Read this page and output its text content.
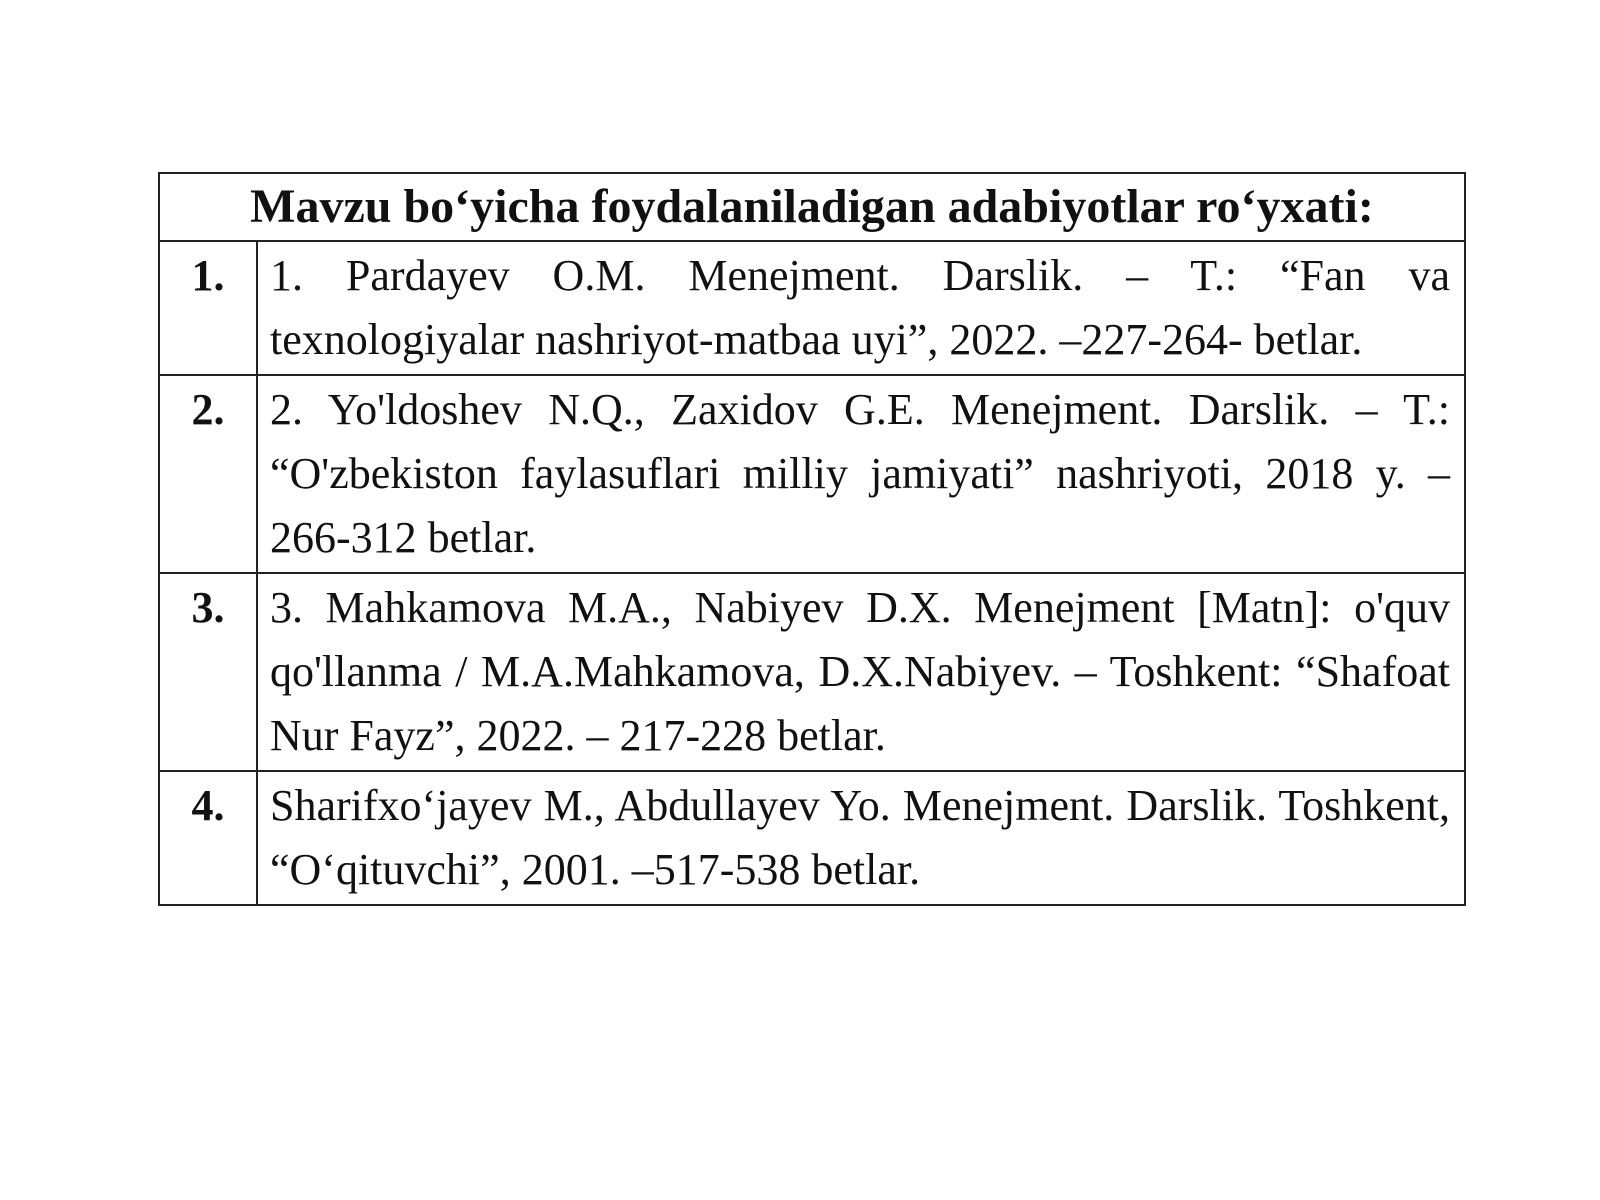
Mavzu bo‘yicha foydalaniladigan adabiyotlar ro‘yxati:	
1.	1. Pardayev O.M. Menejment. Darslik. – T.: “Fan va texnologiyalar nashriyot-matbaa uyi”, 2022. –227-264- betlar.
2.	2. Yo'ldoshev N.Q., Zaxidov G.E. Menejment. Darslik. – T.: “O'zbekiston faylasuflari milliy jamiyati” nashriyoti, 2018 y. – 266-312 betlar.
3.	3. Mahkamova M.A., Nabiyev D.X. Menejment [Matn]: o'quv qo'llanma / M.A.Mahkamova, D.X.Nabiyev. – Toshkent: “Shafoat Nur Fayz”, 2022. – 217-228 betlar.
4.	Sharifxo‘jayev M., Abdullayev Yo. Menejment. Darslik. Toshkent, “O‘qituvchi”, 2001. –517-538 betlar.
